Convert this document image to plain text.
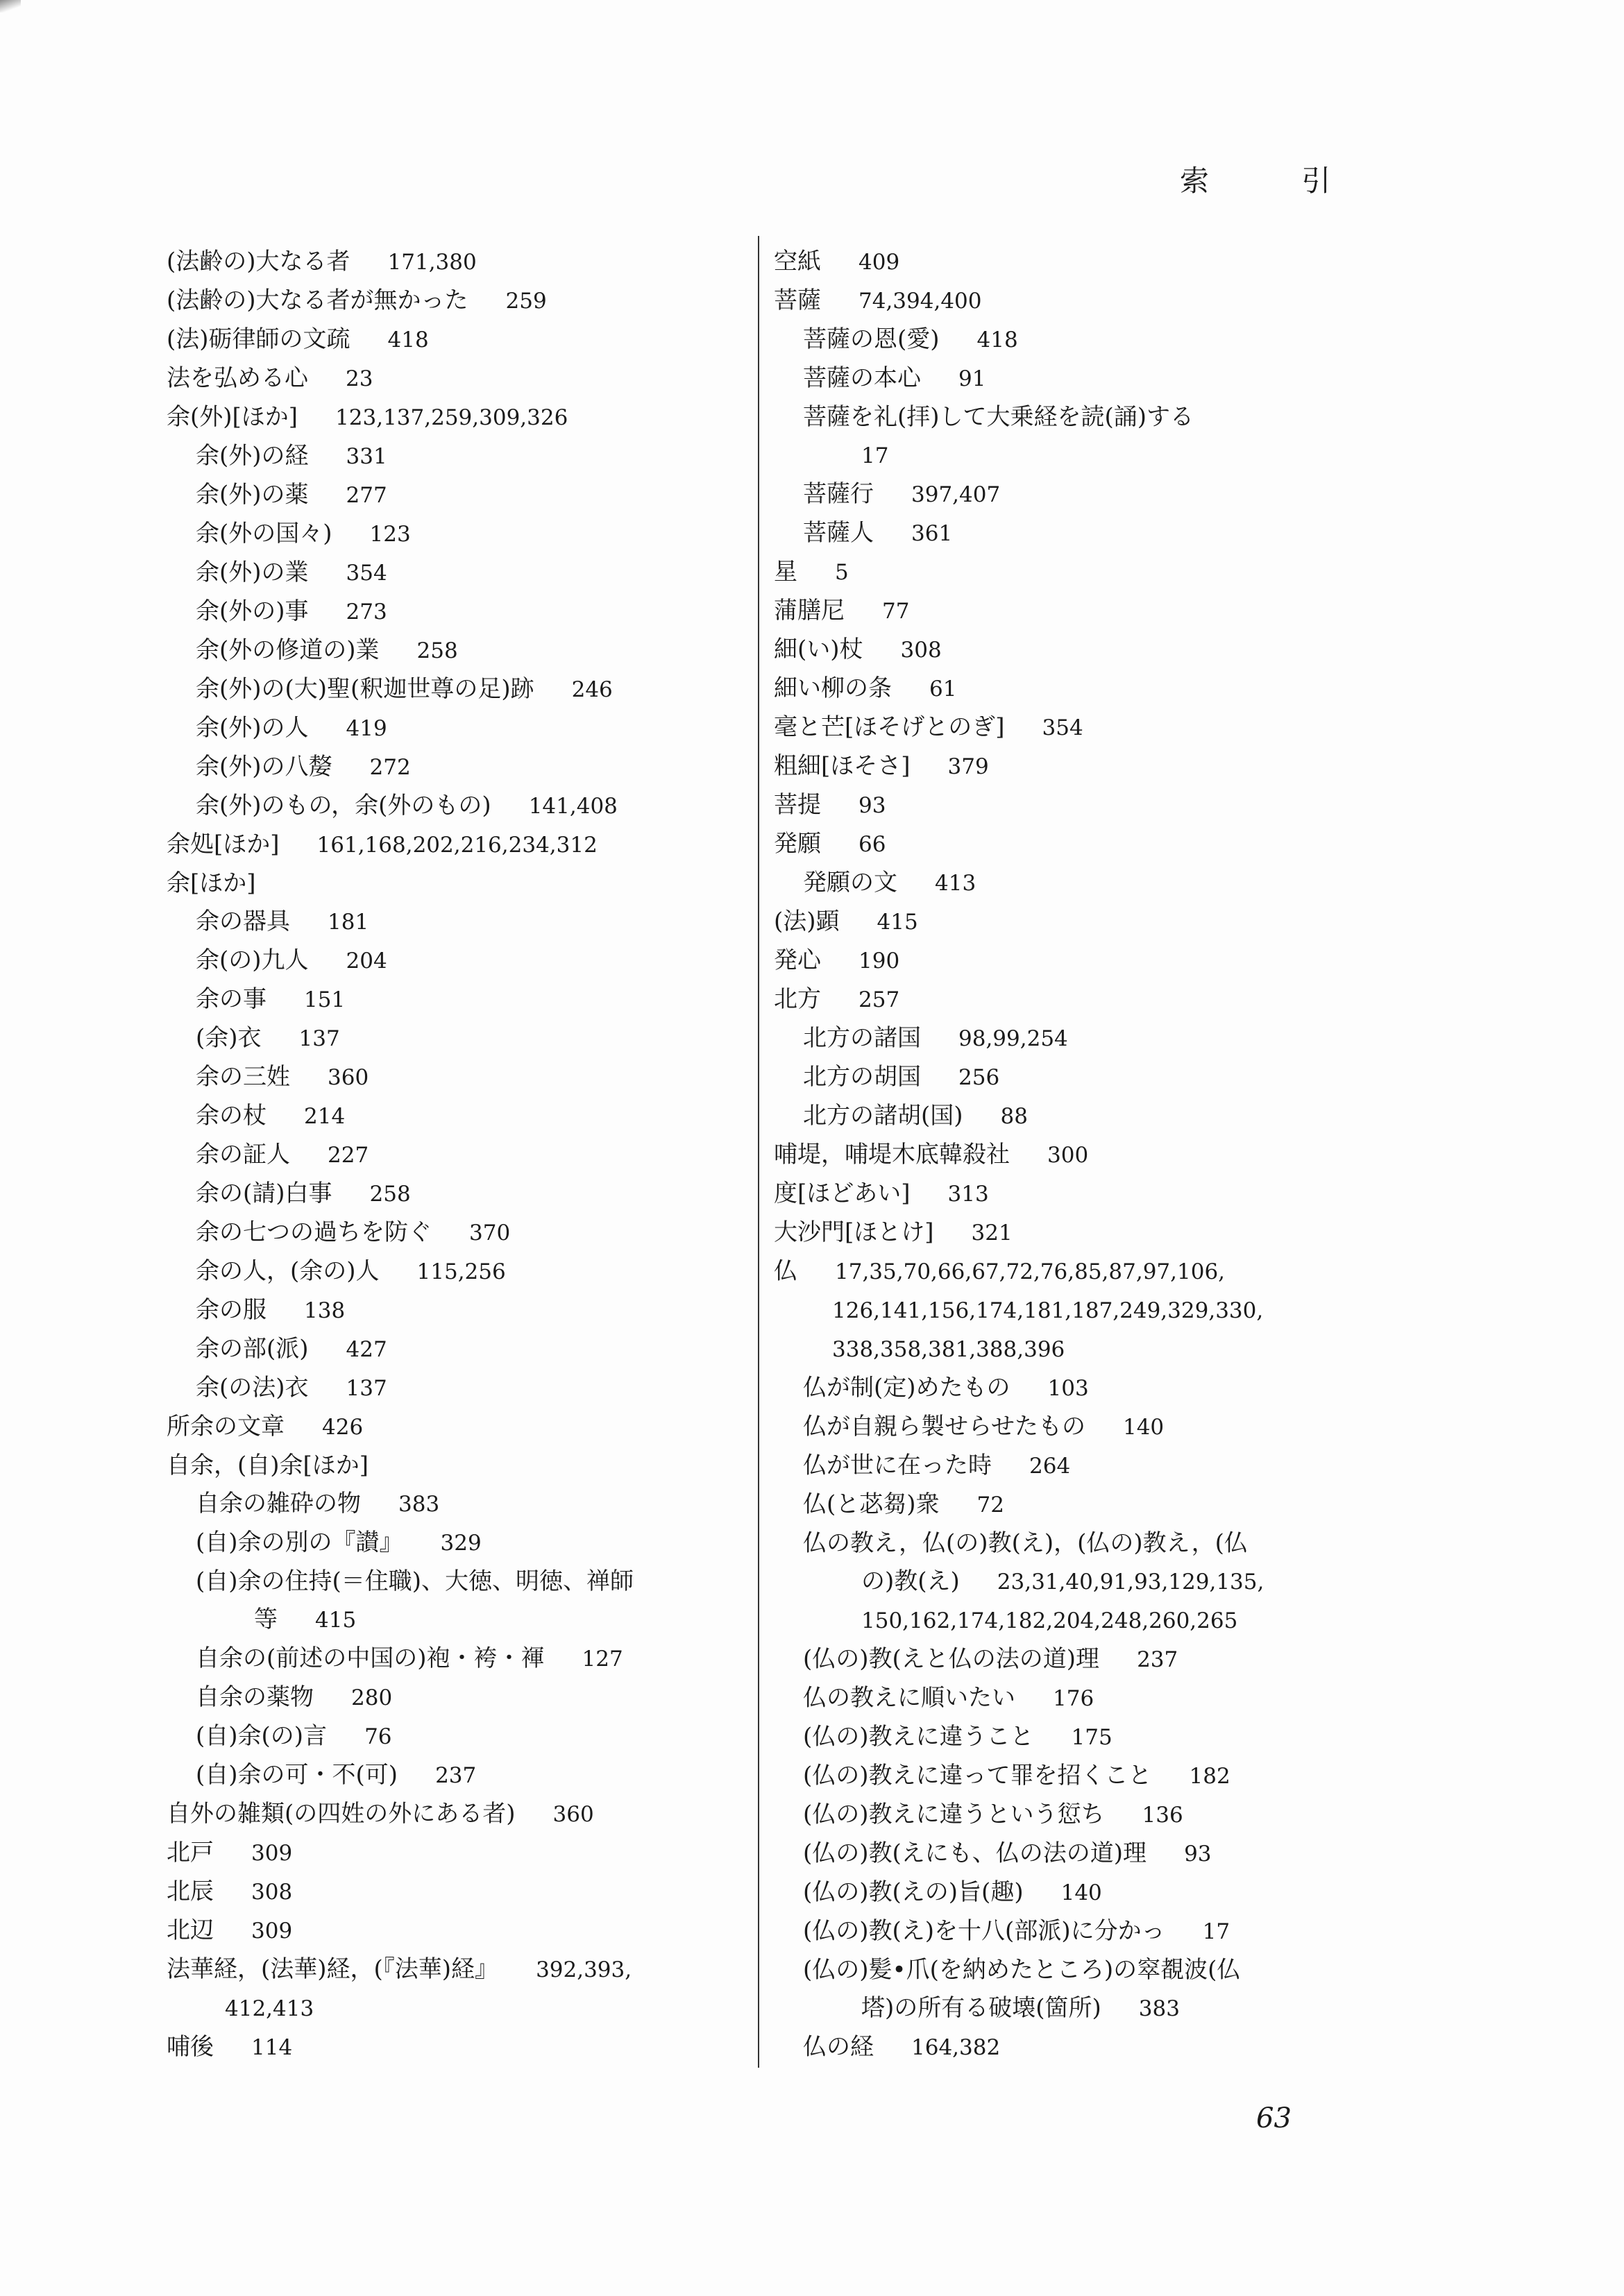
索 引
(法齢の)大なる者 171,380
(法齢の)大なる者が無かった 259
(法)砺律師の文疏 418
法を弘める心 23
余(外)[ほか] 123,137,259,309,326
余(外)の経 331
余(外)の薬 277
余(外の国々) 123
余(外)の業 354
余(外の)事 273
余(外の修道の)業 258
余(外)の(大)聖(釈迦世尊の足)跡 246
余(外)の人 419
余(外)の八嫠 272
余(外)のもの，余(外のもの) 141,408
余処[ほか] 161,168,202,216,234,312
余[ほか]
余の器具 181
余(の)九人 204
余の事 151
(余)衣 137
余の三姓 360
余の杖 214
余の証人 227
余の(請)白事 258
余の七つの過ちを防ぐ 370
余の人，(余の)人 115,256
余の服 138
余の部(派) 427
余(の法)衣 137
所余の文章 426
自余，(自)余[ほか]
自余の雑砕の物 383
(自)余の別の『讃』 329
(自)余の住持(＝住職)、大徳、明徳、禅師
等 415
自余の(前述の中国の)袍・袴・褌 127
自余の薬物 280
(自)余(の)言 76
(自)余の可・不(可) 237
自外の雑類(の四姓の外にある者) 360
北戸 309
北辰 308
北辺 309
法華経，(法華)経，(『法華)経』 392,393,
412,413
哺後 114
空紙 409
菩薩 74,394,400
菩薩の恩(愛) 418
菩薩の本心 91
菩薩を礼(拝)して大乗経を読(誦)する
17
菩薩行 397,407
菩薩人 361
星 5
蒲膳尼 77
細(い)杖 308
細い柳の条 61
毫と芒[ほそげとのぎ] 354
粗細[ほそさ] 379
菩提 93
発願 66
発願の文 413
(法)顕 415
発心 190
北方 257
北方の諸国 98,99,254
北方の胡国 256
北方の諸胡(国) 88
哺堤，哺堤木底韓殺社 300
度[ほどあい] 313
大沙門[ほとけ] 321
仏 17,35,70,66,67,72,76,85,87,97,106,
126,141,156,174,181,187,249,329,330,
338,358,381,388,396
仏が制(定)めたもの 103
仏が自親ら製せらせたもの 140
仏が世に在った時 264
仏(と苾芻)衆 72
仏の教え，仏(の)教(え)，(仏の)教え，(仏
の)教(え) 23,31,40,91,93,129,135,
150,162,174,182,204,248,260,265
(仏の)教(えと仏の法の道)理 237
仏の教えに順いたい 176
(仏の)教えに違うこと 175
(仏の)教えに違って罪を招くこと 182
(仏の)教えに違うという愆ち 136
(仏の)教(えにも、仏の法の道)理 93
(仏の)教(えの)旨(趣) 140
(仏の)教(え)を十八(部派)に分かっ 17
(仏の)髪•爪(を納めたところ)の窣覩波(仏
塔)の所有る破壊(箇所) 383
仏の経 164,382
63
